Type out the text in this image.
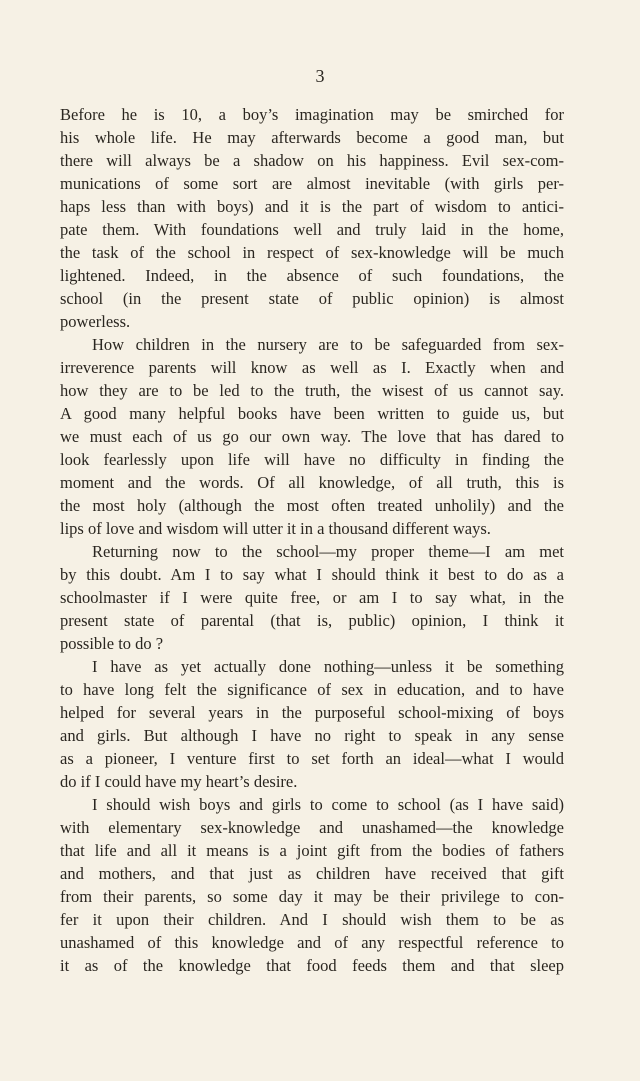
3

Before he is 10, a boy’s imagination may be smirched for
his whole life. He may afterwards become a good man, but
there will always be a shadow on his happiness. Evil sex-com-
munications of some sort are almost inevitable (with girls per-
haps less than with boys) and it is the part of wisdom to antici-
pate them. With foundations well and truly laid in the home,
the task of the school in respect of sex-knowledge will be much
lightened. Indeed, in the absence of such foundations, the
school (in the present state of public opinion) is almost
powerless.

How children in the nursery are to be safeguarded from sex-
irreverence parents will know as well as I. Exactly when and
how they are to be led to the truth, the wisest of us cannot say.
A good many helpful books have been written to guide us, but
we must each of us go our own way. The love that has dared to
look fearlessly upon life will have no difficulty in finding the
moment and the words. Of all knowledge, of all truth, this is
the most holy (although the most often treated unholily) and the
lips of love and wisdom will utter it in a thousand different ways.

Returning now to the school—my proper theme—I am met
by this doubt. Am I to say what I should think it best to do as a
schoolmaster if I were quite free, or am I to say what, in the
present state of parental (that is, public) opinion, I think it
possible to do ?

I have as yet actually done nothing—unless it be something
to have long felt the significance of sex in education, and to have
helped for several years in the purposeful school-mixing of boys
and girls. But although I have no right to speak in any sense
as a pioneer, I venture first to set forth an ideal—what I would
do if I could have my heart’s desire.

I should wish boys and girls to come to school (as I have said)
with elementary sex-knowledge and unashamed—the knowledge
that life and all it means is a joint gift from the bodies of fathers
and mothers, and that just as children have received that gift
from their parents, so some day it may be their privilege to con-
fer it upon their children. And I should wish them to be as
unashamed of this knowledge and of any respectful reference to
it as of the knowledge that food feeds them and that sleep
